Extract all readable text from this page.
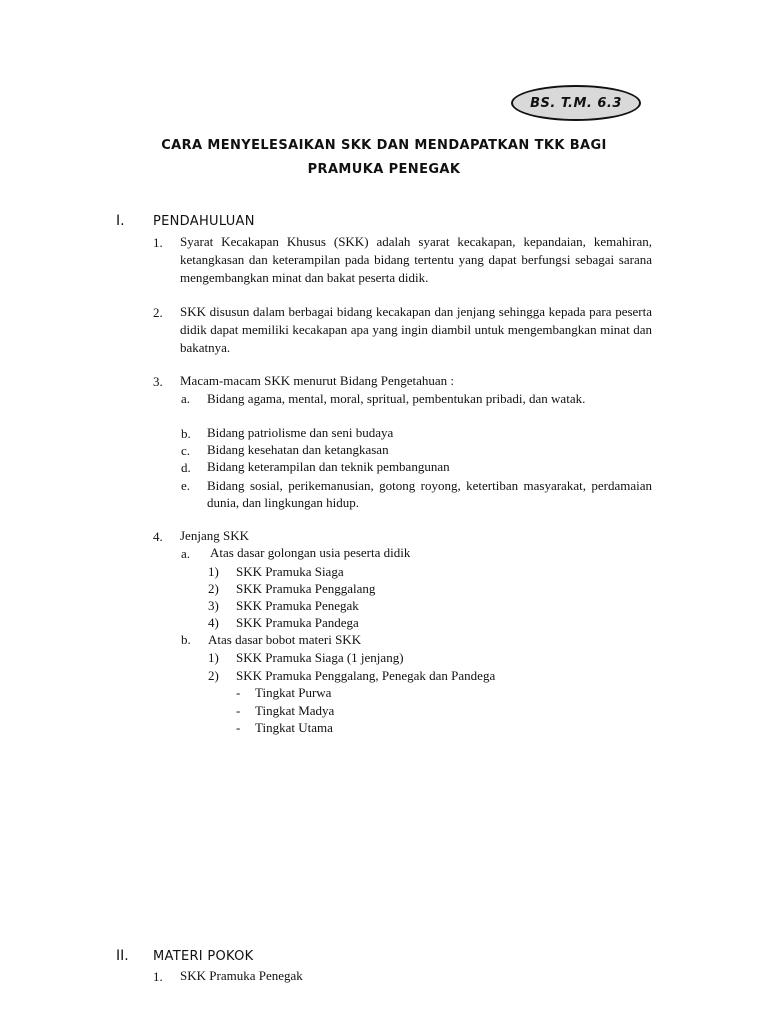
BS. T.M. 6.3
CARA MENYELESAIKAN SKK DAN MENDAPATKAN TKK BAGI
PRAMUKA PENEGAK
I. PENDAHULUAN
1. Syarat Kecakapan Khusus (SKK) adalah syarat kecakapan, kepandaian, kemahiran, ketangkasan dan keterampilan pada bidang tertentu yang dapat berfungsi sebagai sarana mengembangkan minat dan bakat peserta didik.
2. SKK disusun dalam berbagai bidang kecakapan dan jenjang sehingga kepada para peserta didik dapat memiliki kecakapan apa yang ingin diambil untuk mengembangkan minat dan bakatnya.
3. Macam-macam SKK menurut Bidang Pengetahuan :
a. Bidang agama, mental, moral, spritual, pembentukan pribadi, dan watak.
b. Bidang patriolisme dan seni budaya
c. Bidang kesehatan dan ketangkasan
d. Bidang keterampilan dan teknik pembangunan
e. Bidang sosial, perikemanusian, gotong royong, ketertiban masyarakat, perdamaian dunia, dan lingkungan hidup.
4. Jenjang SKK
a. Atas dasar golongan usia peserta didik
1) SKK Pramuka Siaga
2) SKK Pramuka Penggalang
3) SKK Pramuka Penegak
4) SKK Pramuka Pandega
b. Atas dasar bobot materi SKK
1) SKK Pramuka Siaga (1 jenjang)
2) SKK Pramuka Penggalang, Penegak dan Pandega
- Tingkat Purwa
- Tingkat Madya
- Tingkat Utama
II. MATERI POKOK
1. SKK Pramuka Penegak
